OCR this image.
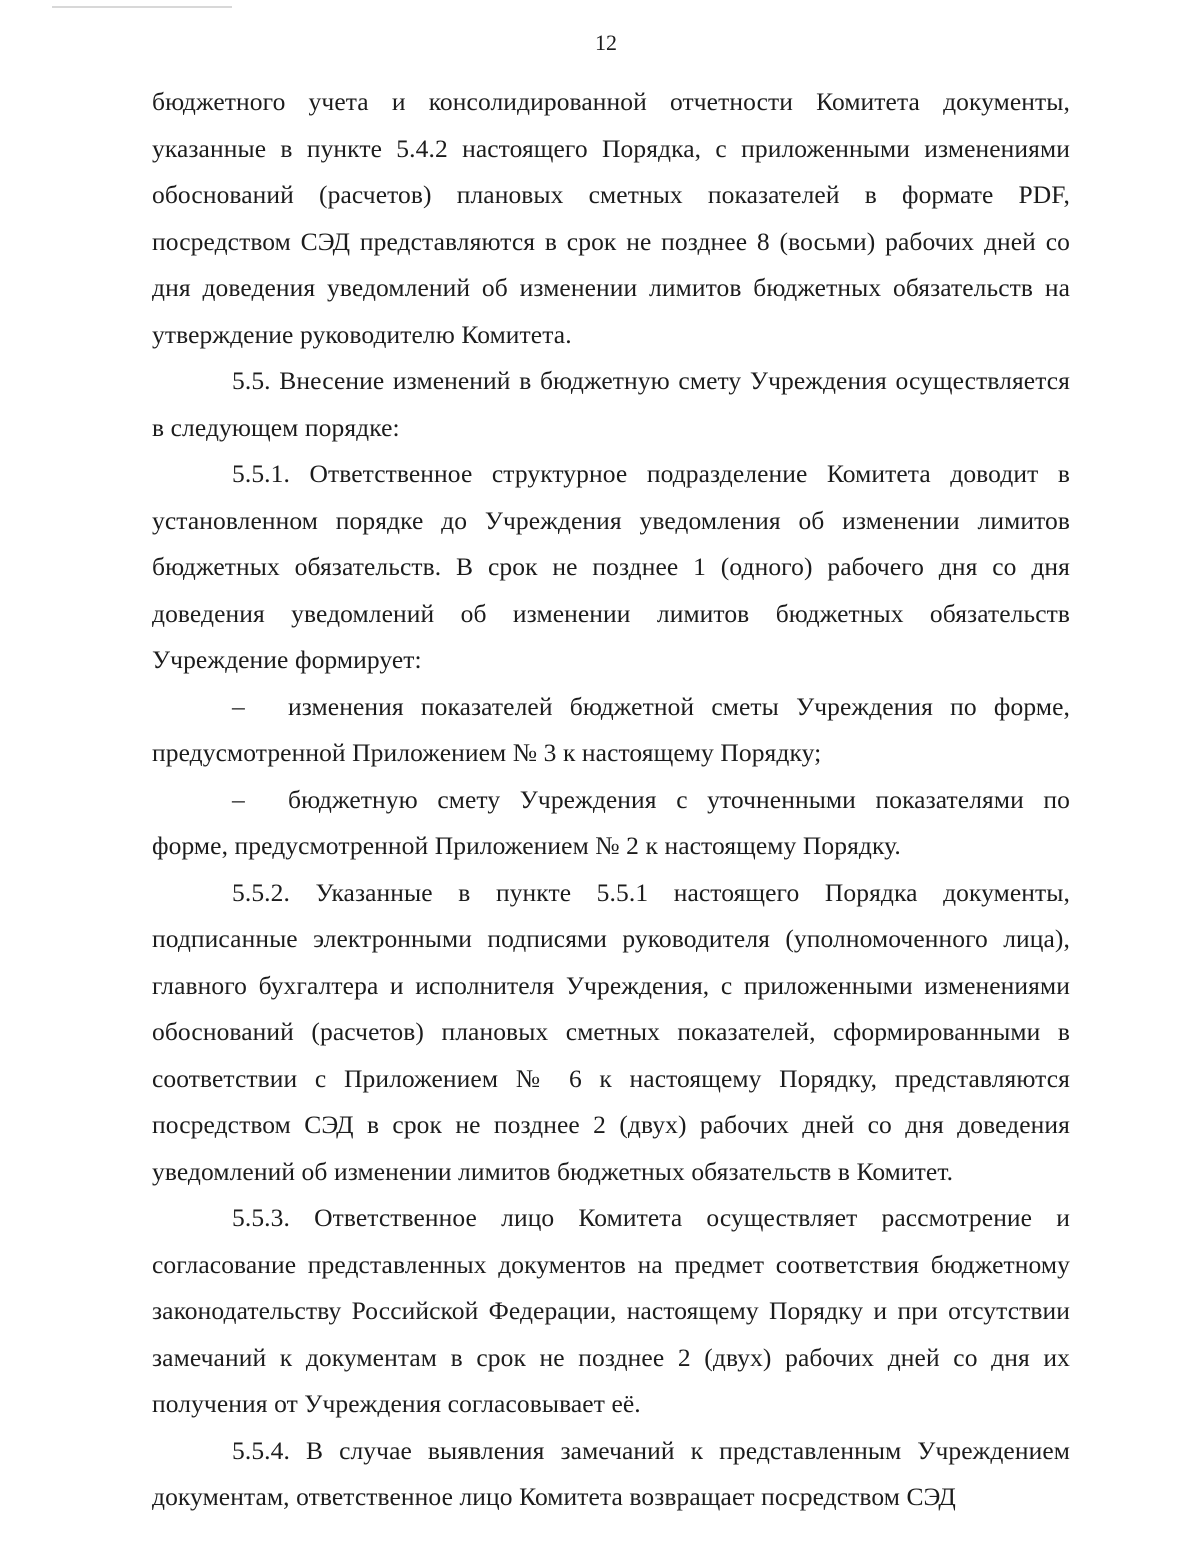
12

бюджетного учета и консолидированной отчетности Комитета документы, указанные в пункте 5.4.2 настоящего Порядка, с приложенными изменениями обоснований (расчетов) плановых сметных показателей в формате PDF, посредством СЭД представляются в срок не позднее 8 (восьми) рабочих дней со дня доведения уведомлений об изменении лимитов бюджетных обязательств на утверждение руководителю Комитета.

5.5. Внесение изменений в бюджетную смету Учреждения осуществляется в следующем порядке:

5.5.1. Ответственное структурное подразделение Комитета доводит в установленном порядке до Учреждения уведомления об изменении лимитов бюджетных обязательств. В срок не позднее 1 (одного) рабочего дня со дня доведения уведомлений об изменении лимитов бюджетных обязательств Учреждение формирует:

– изменения показателей бюджетной сметы Учреждения по форме, предусмотренной Приложением № 3 к настоящему Порядку;

– бюджетную смету Учреждения с уточненными показателями по форме, предусмотренной Приложением № 2 к настоящему Порядку.

5.5.2. Указанные в пункте 5.5.1 настоящего Порядка документы, подписанные электронными подписями руководителя (уполномоченного лица), главного бухгалтера и исполнителя Учреждения, с приложенными изменениями обоснований (расчетов) плановых сметных показателей, сформированными в соответствии с Приложением № 6 к настоящему Порядку, представляются посредством СЭД в срок не позднее 2 (двух) рабочих дней со дня доведения уведомлений об изменении лимитов бюджетных обязательств в Комитет.

5.5.3. Ответственное лицо Комитета осуществляет рассмотрение и согласование представленных документов на предмет соответствия бюджетному законодательству Российской Федерации, настоящему Порядку и при отсутствии замечаний к документам в срок не позднее 2 (двух) рабочих дней со дня их получения от Учреждения согласовывает её.

5.5.4. В случае выявления замечаний к представленным Учреждением документам, ответственное лицо Комитета возвращает посредством СЭД
